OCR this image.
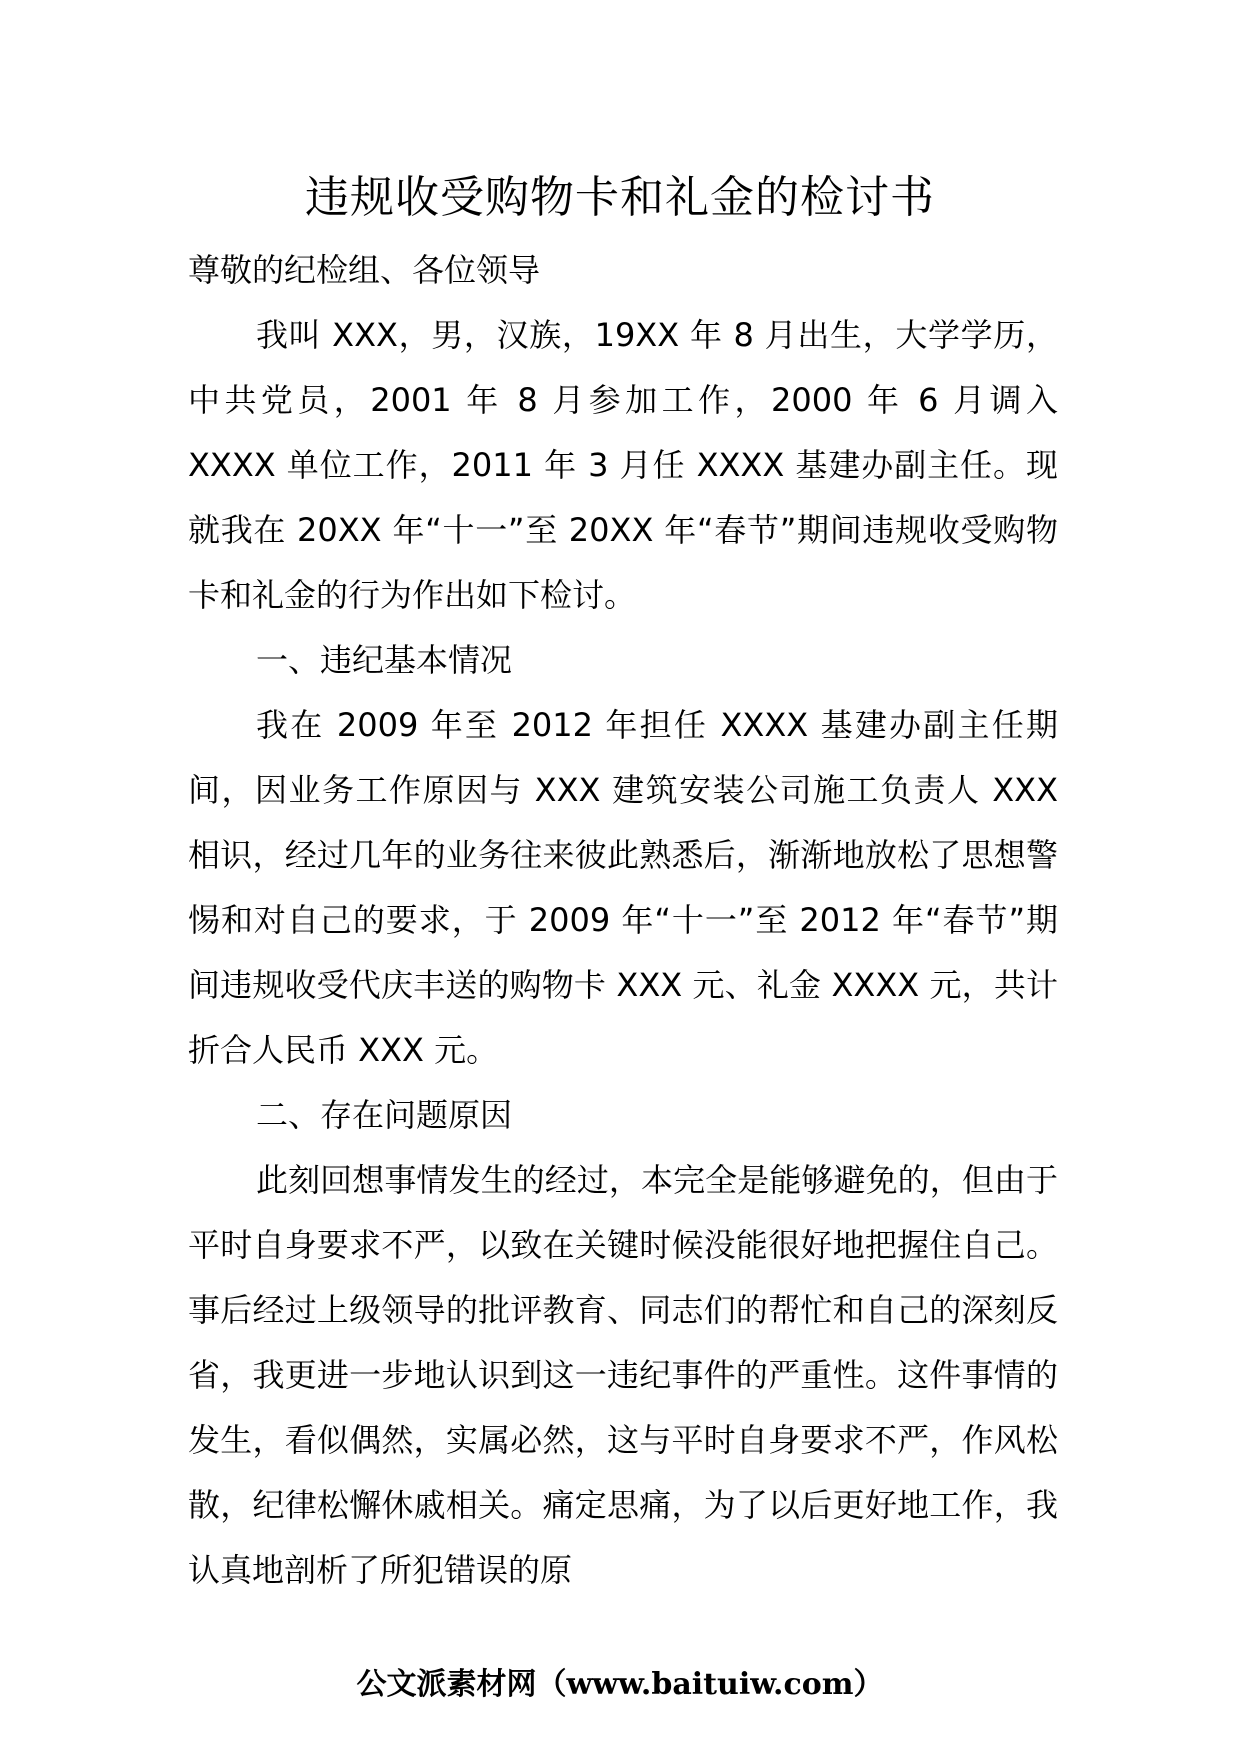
违规收受购物卡和礼金的检讨书

尊敬的纪检组、各位领导

我叫 XXX，男，汉族，19XX 年 8 月出生，大学学历，中共党员，2001 年 8 月参加工作，2000 年 6 月调入 XXXX 单位工作，2011 年 3 月任 XXXX 基建办副主任。现就我在 20XX 年“十一”至 20XX 年“春节”期间违规收受购物卡和礼金的行为作出如下检讨。

一、违纪基本情况

我在 2009 年至 2012 年担任 XXXX 基建办副主任期间，因业务工作原因与 XXX 建筑安装公司施工负责人 XXX 相识，经过几年的业务往来彼此熟悉后，渐渐地放松了思想警惕和对自己的要求，于 2009 年“十一”至 2012 年“春节”期间违规收受代庆丰送的购物卡 XXX 元、礼金 XXXX 元，共计折合人民币 XXX 元。

二、存在问题原因

此刻回想事情发生的经过，本完全是能够避免的，但由于平时自身要求不严，以致在关键时候没能很好地把握住自己。事后经过上级领导的批评教育、同志们的帮忙和自己的深刻反省，我更进一步地认识到这一违纪事件的严重性。这件事情的发生，看似偶然，实属必然，这与平时自身要求不严，作风松散，纪律松懈休戚相关。痛定思痛，为了以后更好地工作，我认真地剖析了所犯错误的原

公文派素材网（www.baituiw.com）
